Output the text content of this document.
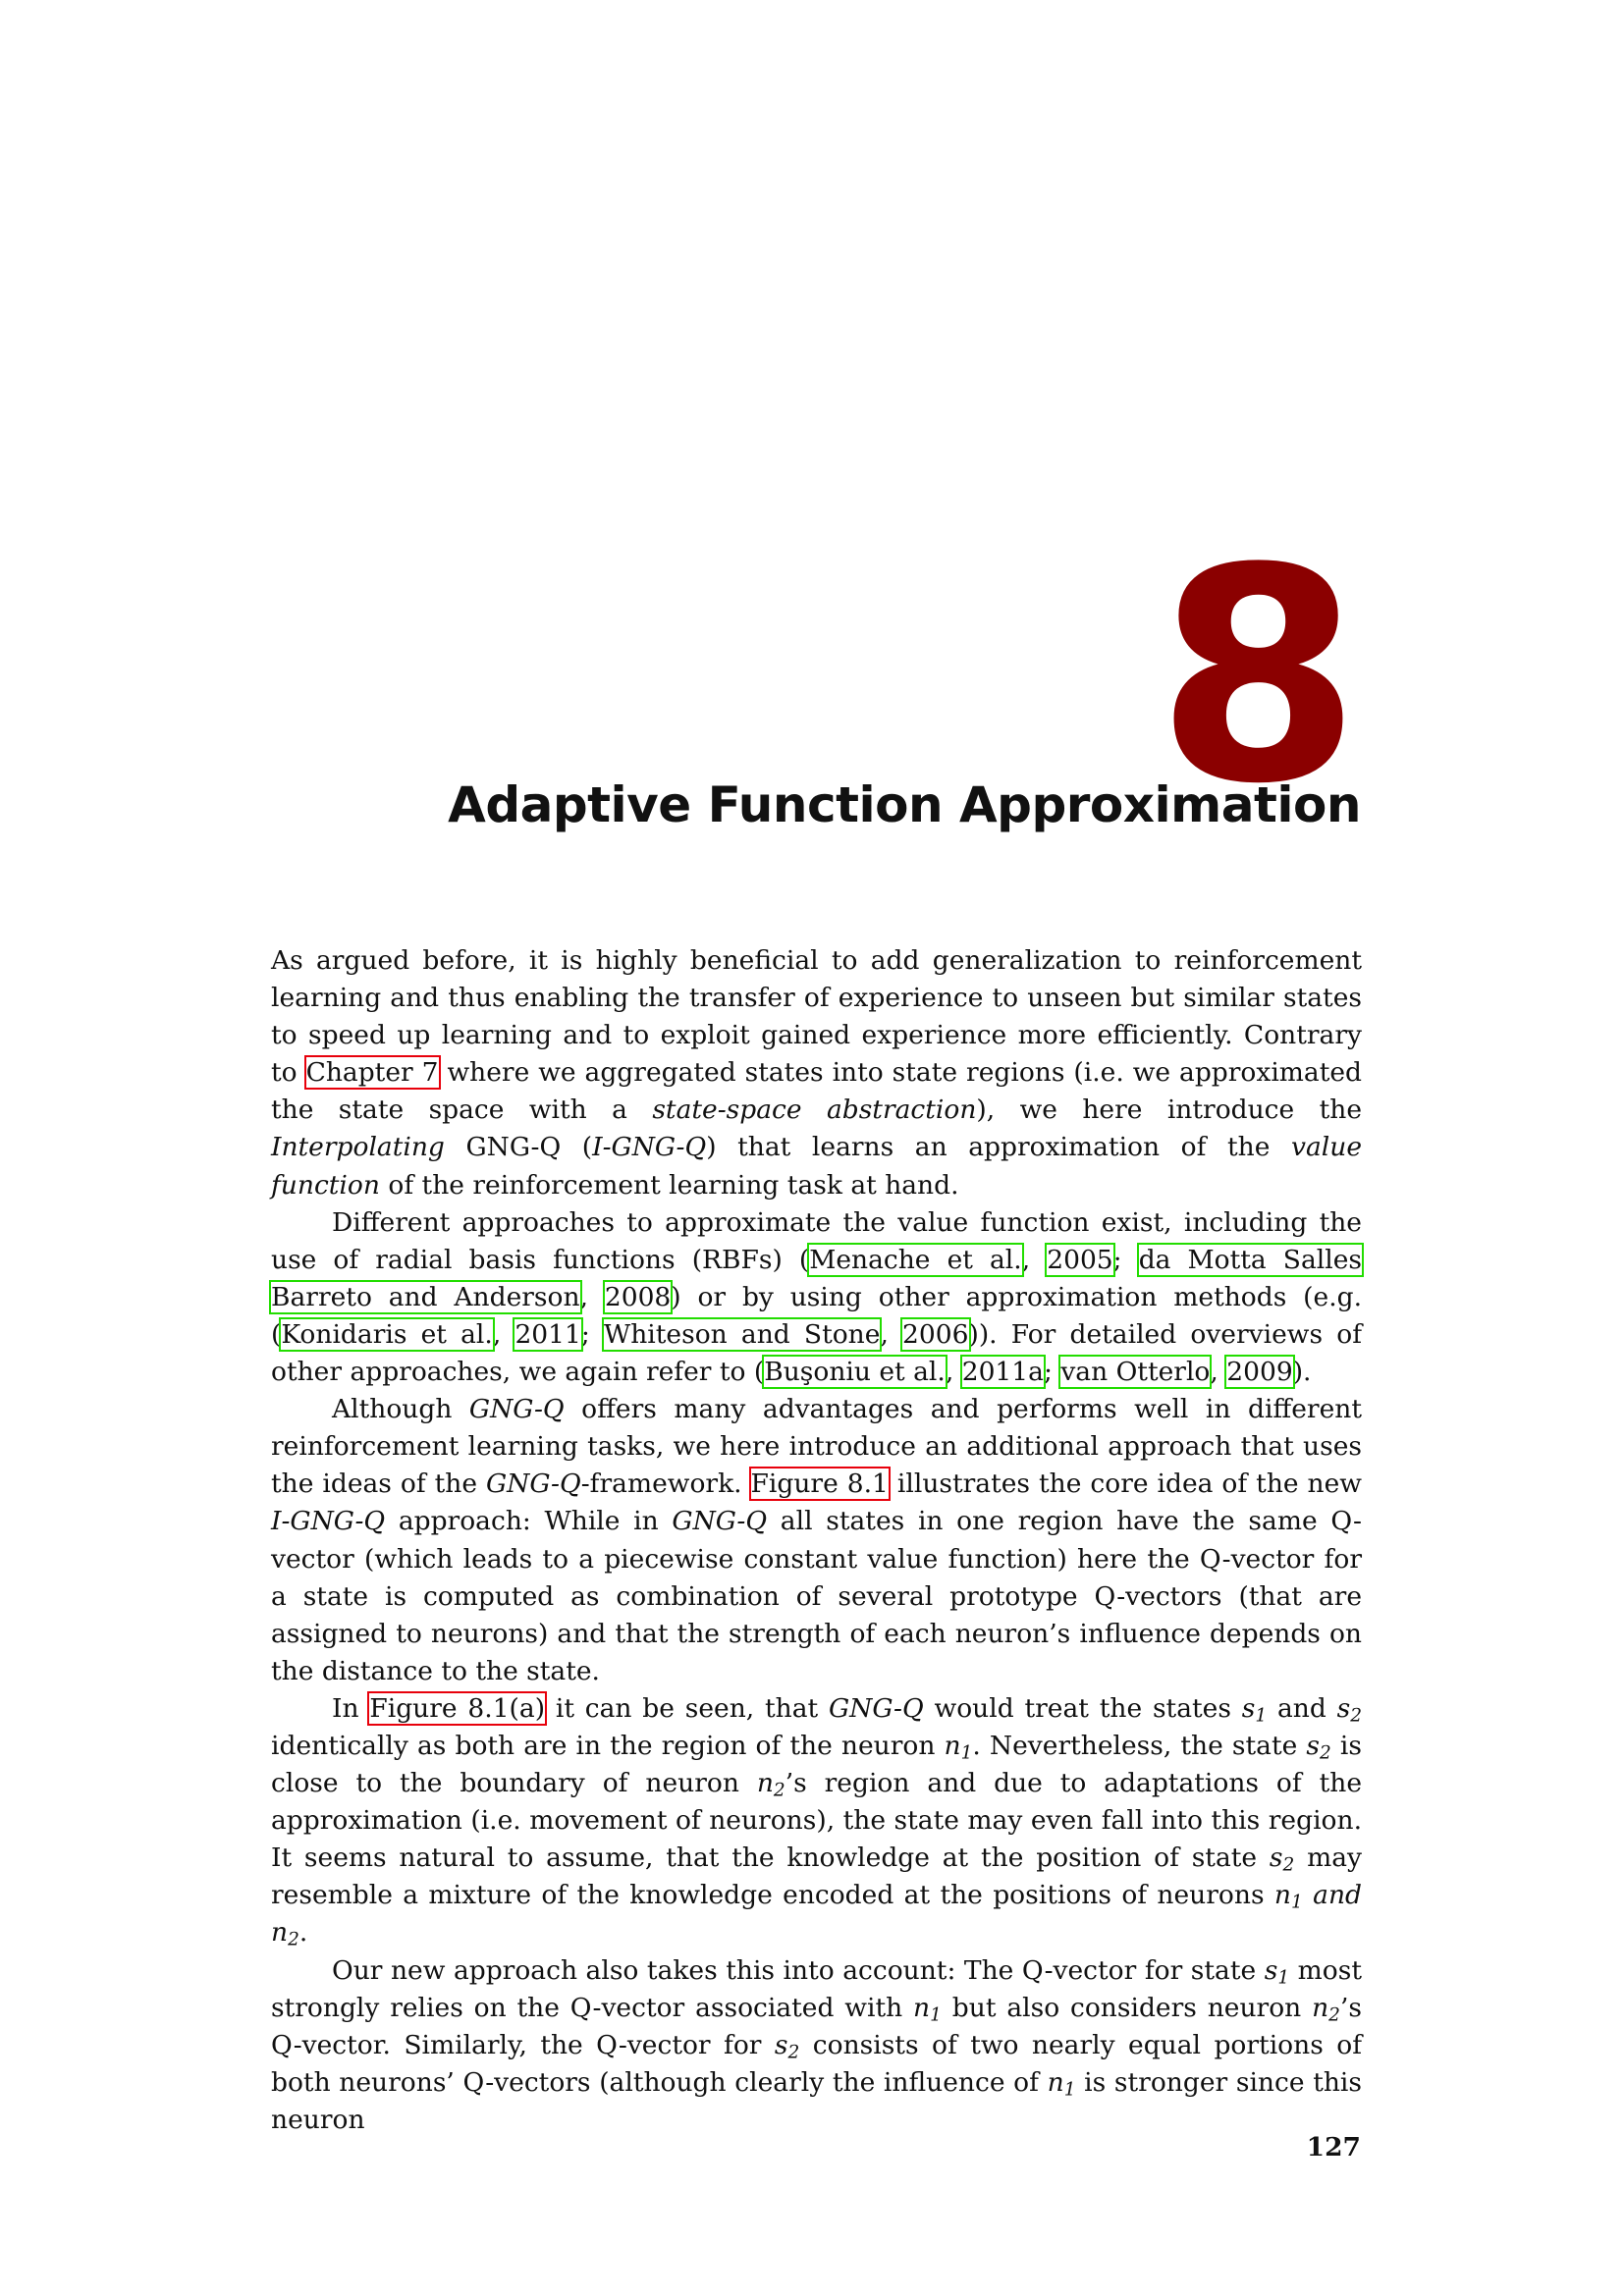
8
Adaptive Function Approximation

As argued before, it is highly beneficial to add generalization to reinforcement learning and thus enabling the transfer of experience to unseen but similar states to speed up learning and to exploit gained experience more efficiently. Contrary to Chapter 7 where we aggregated states into state regions (i.e. we approximated the state space with a state-space abstraction), we here introduce the Interpolating GNG-Q (I-GNG-Q) that learns an approximation of the value function of the reinforcement learning task at hand.

Different approaches to approximate the value function exist, including the use of radial basis functions (RBFs) (Menache et al., 2005; da Motta Salles Barreto and Anderson, 2008) or by using other approximation methods (e.g. (Konidaris et al., 2011; Whiteson and Stone, 2006)). For detailed overviews of other approaches, we again refer to (Buşoniu et al., 2011a; van Otterlo, 2009).

Although GNG-Q offers many advantages and performs well in different reinforcement learning tasks, we here introduce an additional approach that uses the ideas of the GNG-Q-framework. Figure 8.1 illustrates the core idea of the new I-GNG-Q approach: While in GNG-Q all states in one region have the same Q-vector (which leads to a piecewise constant value function) here the Q-vector for a state is computed as combination of several prototype Q-vectors (that are assigned to neurons) and that the strength of each neuron’s influence depends on the distance to the state.

In Figure 8.1(a) it can be seen, that GNG-Q would treat the states $s_1$ and $s_2$ identically as both are in the region of the neuron $n_1$. Nevertheless, the state $s_2$ is close to the boundary of neuron $n_2’s$ region and due to adaptations of the approximation (i.e. movement of neurons), the state may even fall into this region. It seems natural to assume, that the knowledge at the position of state $s_2$ may resemble a mixture of the knowledge encoded at the positions of neurons $n_1$ and $n_2$.

Our new approach also takes this into account: The Q-vector for state $s_1$ most strongly relies on the Q-vector associated with $n_1$ but also considers neuron $n_2’s$ Q-vector. Similarly, the Q-vector for $s_2$ consists of two nearly equal portions of both neurons’ Q-vectors (although clearly the influence of $n_1$ is stronger since this neuron

127
